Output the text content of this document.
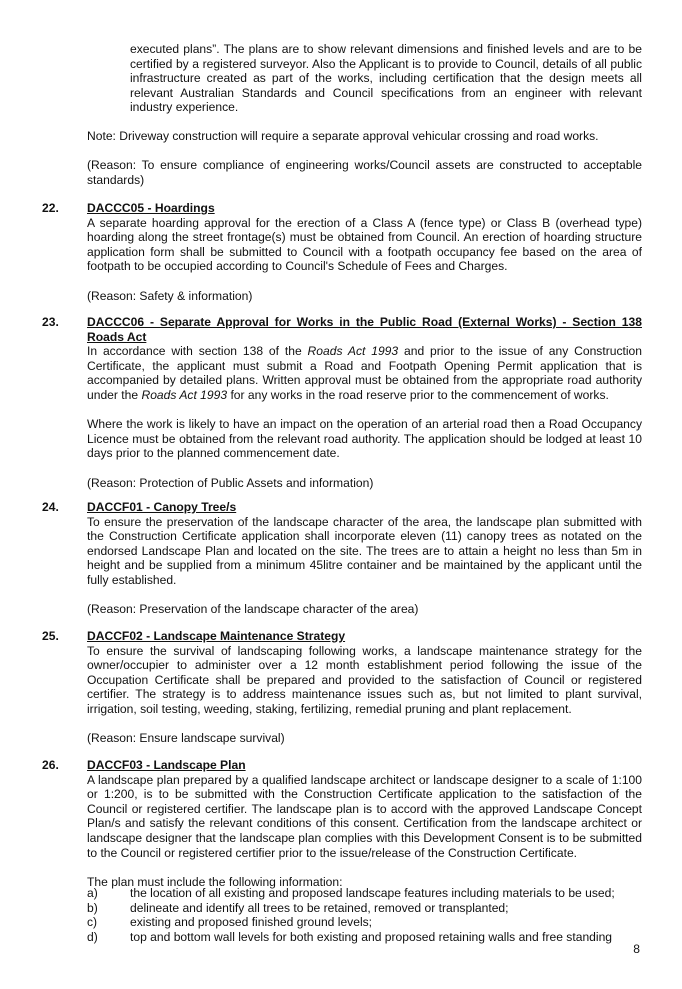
executed plans”. The plans are to show relevant dimensions and finished levels and are to be certified by a registered surveyor. Also the Applicant is to provide to Council, details of all public infrastructure created as part of the works, including certification that the design meets all relevant Australian Standards and Council specifications from an engineer with relevant industry experience.

Note: Driveway construction will require a separate approval vehicular crossing and road works.

(Reason: To ensure compliance of engineering works/Council assets are constructed to acceptable standards)

22. DACCC05 - Hoardings

A separate hoarding approval for the erection of a Class A (fence type) or Class B (overhead type) hoarding along the street frontage(s) must be obtained from Council. An erection of hoarding structure application form shall be submitted to Council with a footpath occupancy fee based on the area of footpath to be occupied according to Council's Schedule of Fees and Charges.

(Reason: Safety & information)

23. DACCC06 - Separate Approval for Works in the Public Road (External Works) - Section 138 Roads Act

In accordance with section 138 of the Roads Act 1993 and prior to the issue of any Construction Certificate, the applicant must submit a Road and Footpath Opening Permit application that is accompanied by detailed plans. Written approval must be obtained from the appropriate road authority under the Roads Act 1993 for any works in the road reserve prior to the commencement of works.

Where the work is likely to have an impact on the operation of an arterial road then a Road Occupancy Licence must be obtained from the relevant road authority. The application should be lodged at least 10 days prior to the planned commencement date.

(Reason: Protection of Public Assets and information)

24. DACCF01 - Canopy Tree/s

To ensure the preservation of the landscape character of the area, the landscape plan submitted with the Construction Certificate application shall incorporate eleven (11) canopy trees as notated on the endorsed Landscape Plan and located on the site. The trees are to attain a height no less than 5m in height and be supplied from a minimum 45litre container and be maintained by the applicant until the fully established.

(Reason: Preservation of the landscape character of the area)

25. DACCF02 - Landscape Maintenance Strategy

To ensure the survival of landscaping following works, a landscape maintenance strategy for the owner/occupier to administer over a 12 month establishment period following the issue of the Occupation Certificate shall be prepared and provided to the satisfaction of Council or registered certifier. The strategy is to address maintenance issues such as, but not limited to plant survival, irrigation, soil testing, weeding, staking, fertilizing, remedial pruning and plant replacement.

(Reason: Ensure landscape survival)

26. DACCF03 - Landscape Plan

A landscape plan prepared by a qualified landscape architect or landscape designer to a scale of 1:100 or 1:200, is to be submitted with the Construction Certificate application to the satisfaction of the Council or registered certifier. The landscape plan is to accord with the approved Landscape Concept Plan/s and satisfy the relevant conditions of this consent. Certification from the landscape architect or landscape designer that the landscape plan complies with this Development Consent is to be submitted to the Council or registered certifier prior to the issue/release of the Construction Certificate.

The plan must include the following information:

a)	the location of all existing and proposed landscape features including materials to be used;
b)	delineate and identify all trees to be retained, removed or transplanted;
c)	existing and proposed finished ground levels;
d)	top and bottom wall levels for both existing and proposed retaining walls and free standing
8
